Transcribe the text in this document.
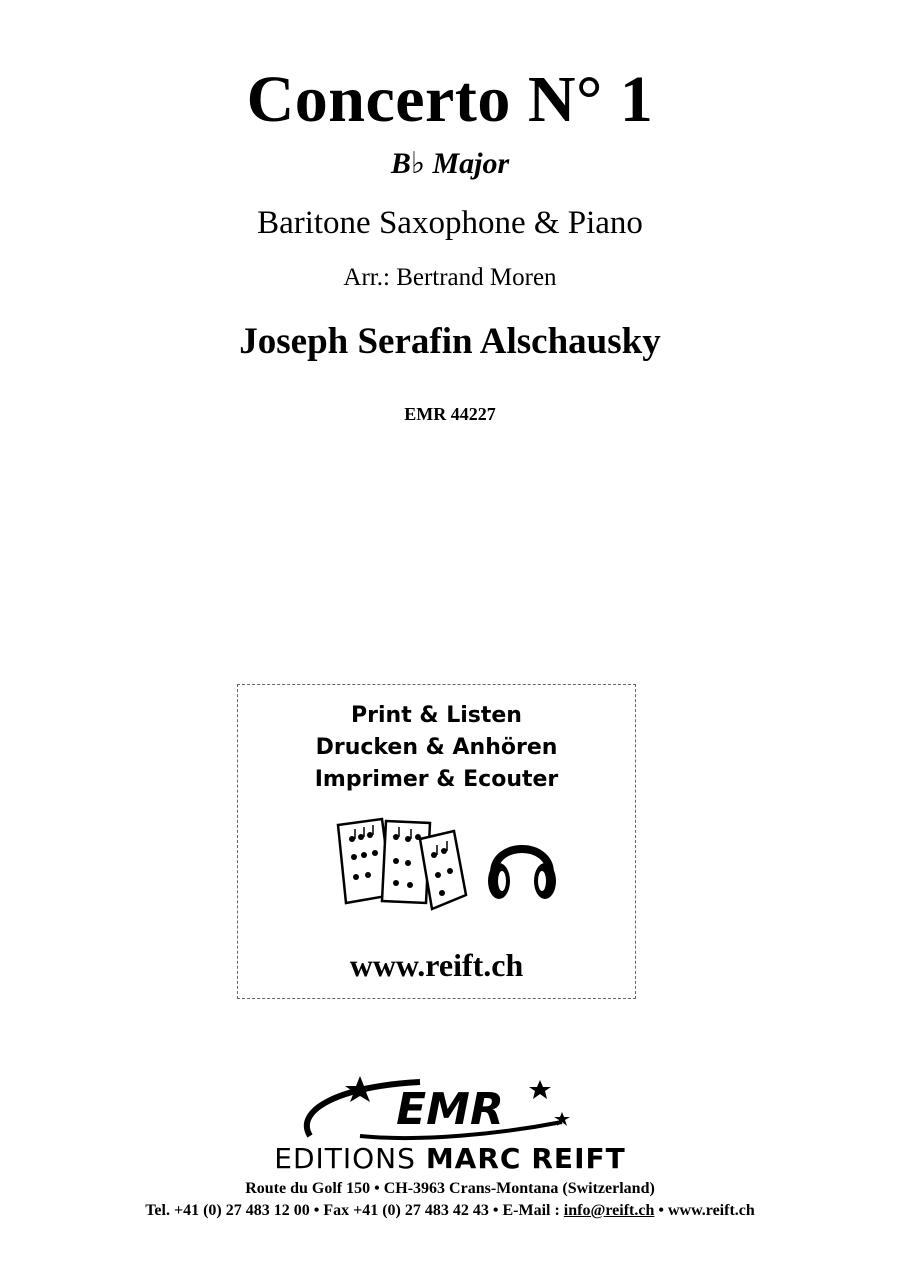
Concerto N° 1
B♭ Major
Baritone Saxophone & Piano
Arr.: Bertrand Moren
Joseph Serafin Alschausky
EMR 44227
Print & Listen
Drucken & Anhören
Imprimer & Ecouter
www.reift.ch
EMR
EDITIONS MARC REIFT
Route du Golf 150 • CH-3963 Crans-Montana (Switzerland)
Tel. +41 (0) 27 483 12 00 • Fax +41 (0) 27 483 42 43 • E-Mail : info@reift.ch • www.reift.ch
